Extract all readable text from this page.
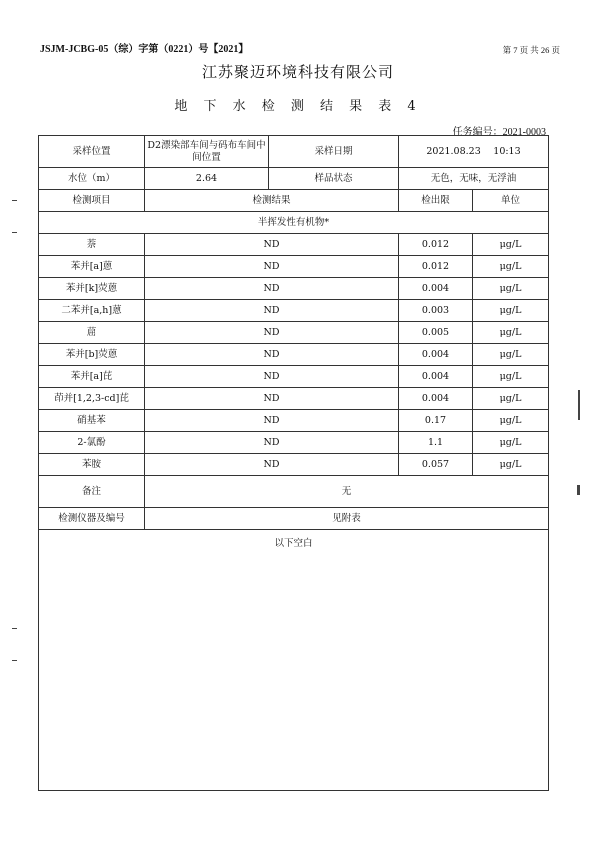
JSJM-JCBG-05（综）字第（0221）号【2021】	第 7 页 共 26 页
江苏聚迈环境科技有限公司
地 下 水 检 测 结 果 表 4
任务编号：2021-0003
采样位置	D2漂染部车间与码布车间中间位置	采样日期	2021.08.23　 10:13	
水位（m）	2.64	样品状态	无色，无味，无浮油	
检测项目	检测结果		检出限	单位
半挥发性有机物*				
萘	ND		0.012	μg/L
苯并[a]蒽	ND		0.012	μg/L
苯并[k]荧蒽	ND		0.004	μg/L
二苯并[a,h]蒽	ND		0.003	μg/L
䓛	ND		0.005	μg/L
苯并[b]荧蒽	ND		0.004	μg/L
苯并[a]芘	ND		0.004	μg/L
茚并[1,2,3-cd]芘	ND		0.004	μg/L
硝基苯	ND		0.17	μg/L
2-氯酚	ND		1.1	μg/L
苯胺	ND		0.057	μg/L
备注	无			
检测仪器及编号	见附表			
以下空白				
